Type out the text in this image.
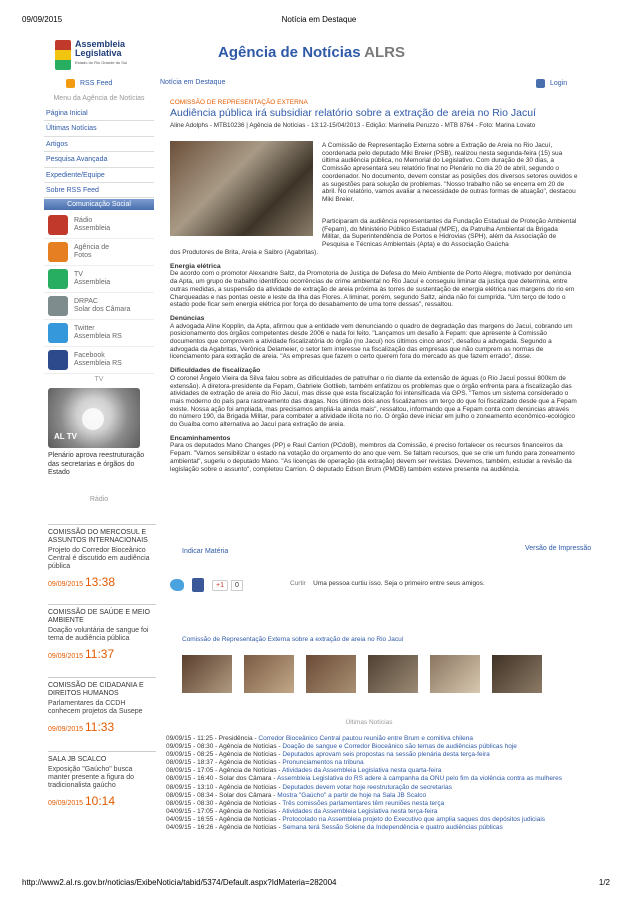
09/09/2015	Notícia em Destaque
Assembleia
Legislativa
Estado do Rio Grande do Sul
Agência de Notícias ALRS
RSS Feed	Notícia em Destaque	Login
Menu da Agência de Notícias
Página Inicial
Últimas Notícias
Artigos
Pesquisa Avançada
Expediente/Equipe
Sobre RSS Feed
Comunicação Social
Rádio
Assembleia
Agência de
Fotos
TV
Assembleia
DRPAC
Solar dos Câmara
Twitter
Assembleia RS
Facebook
Assembleia RS
TV
AL TV
Plenário aprova reestruturação das secretarias e órgãos do Estado
Rádio
COMISSÃO DO MERCOSUL E ASSUNTOS INTERNACIONAIS
Projeto do Corredor Bioceânico Central é discutido em audiência pública
09/09/2015 13:38
COMISSÃO DE SAÚDE E MEIO AMBIENTE
Doação voluntária de sangue foi tema de audiência pública
09/09/2015 11:37
COMISSÃO DE CIDADANIA E DIREITOS HUMANOS
Parlamentares da CCDH conhecem projetos da Susepe
09/09/2015 11:33
SALA JB SCALCO
Exposição "Gaúcho" busca manter presente a figura do tradicionalista gaúcho
09/09/2015 10:14
COMISSÃO DE REPRESENTAÇÃO EXTERNA
Audiência pública irá subsidiar relatório sobre a extração de areia no Rio Jacuí
Aline Adolphs - MTB10236 | Agência de Notícias - 13:12-15/04/2013 - Edição: Marinella Peruzzo - MTB 8764 - Foto: Marina Lovato
A Comissão de Representação Externa sobre a Extração de Areia no Rio Jacuí, coordenada pelo deputado Miki Breier (PSB), realizou nesta segunda-feira (15) sua última audiência pública, no Memorial do Legislativo. Com duração de 30 dias, a Comissão apresentará seu relatório final no Plenário no dia 20 de abril, segundo o coordenador. No documento, devem constar as posições dos diversos setores ouvidos e as sugestões para solução de problemas. "Nosso trabalho não se encerra em 20 de abril. No relatório, vamos avaliar a necessidade de outras formas de atuação", destacou Miki Breier.
Participaram da audiência representantes da Fundação Estadual de Proteção Ambiental (Fepam), do Ministério Público Estadual (MPE), da Patrulha Ambiental da Brigada Militar, da Superintendência de Portos e Hidrovias (SPH), além da Associação de Pesquisa e Técnicas Ambientais (Apta) e do Associação Gaúcha
dos Produtores de Brita, Areia e Saibro (Agabritas).
Energia elétrica
De acordo com o promotor Alexandre Saltz, da Promotoria de Justiça de Defesa do Meio Ambiente de Porto Alegre, motivado por denúncia da Apta, um grupo de trabalho identificou ocorrências de crime ambiental no Rio Jacuí e conseguiu liminar da justiça que determina, entre outras medidas, a suspensão da atividade de extração de areia próxima às torres de sustentação de energia elétrica nas margens do rio em Charqueadas e nas pontas oeste e leste da Ilha das Flores. A liminar, porém, segundo Saltz, ainda não foi cumprida. "Um terço de todo o estado pode ficar sem energia elétrica por força do desabamento de uma torre dessas", ressaltou.
Denúncias
A advogada Aline Kopplin, da Apta, afirmou que a entidade vem denunciando o quadro de degradação das margens do Jacuí, cobrando um posicionamento dos órgãos competentes desde 2006 e nada foi feito. "Lançamos um desafio à Fepam: que apresente à Comissão documentos que comprovem a atividade fiscalizatória do órgão (no Jacuí) nos últimos cinco anos", desafiou a advogada. Segundo a advogada da Agabritas, Verônica Delameier, o setor tem interesse na fiscalização das empresas que não cumprem as normas de licenciamento para extração de areia. "As empresas que fazem o certo querem fora do mercado as que fazem errado", disse.
Dificuldades de fiscalização
O coronel Ângelo Vieira da Silva falou sobre as dificuldades de patrulhar o rio diante da extensão de águas (o Rio Jacuí possui 800km de extensão). A diretora-presidente da Fepam, Gabriele Gottlieb, também enfatizou os problemas que o órgão enfrenta para a fiscalização das atividades de extração de areia do Rio Jacuí, mas disse que esta fiscalização foi intensificada via GPS. "Temos um sistema considerado o mais moderno do país para rastreamento das dragas. Nos últimos dois anos fiscalizamos um terço do que foi fiscalizado desde que a Fepam existe. Nossa ação foi ampliada, mas precisamos ampliá-la ainda mais", ressaltou, informando que a Fepam conta com denúncias através do número 190, da Brigada Militar, para combater a atividade ilícita no rio. O órgão deve iniciar em julho o zoneamento econômico-ecológico do Guaíba como alternativa ao Jacuí para extração de areia.
Encaminhamentos
Para os deputados Mano Changes (PP) e Raul Carrion (PCdoB), membros da Comissão, é preciso fortalecer os recursos financeiros da Fepam. "Vamos sensibilizar o estado na votação do orçamento do ano que vem. Se faltam recursos, que se crie um fundo para zoneamento ambiental", sugeriu o deputado Mano. "As licenças de operação (da extração) devem ser revistas. Devemos, também, estudar a revisão da legislação sobre o assunto", completou Carrion. O deputado Edson Brum (PMDB) também esteve presente na audiência.
Indicar Matéria	Versão de Impressão
+1	0	Curtir Uma pessoa curtiu isso. Seja o primeiro entre seus amigos.
Comissão de Representação Externa sobre a extração de areia no Rio Jacuí
Últimas Notícias
09/09/15 - 11:25 - Presidência - Corredor Bioceânico Central pautou reunião entre Brum e comitiva chilena
09/09/15 - 08:30 - Agência de Notícias - Doação de sangue e Corredor Bioceânico são temas de audiências públicas hoje
09/09/15 - 08:25 - Agência de Notícias - Deputados aprovam seis propostas na sessão plenária desta terça-feira
08/09/15 - 18:37 - Agência de Notícias - Pronunciamentos na tribuna
08/09/15 - 17:05 - Agência de Notícias - Atividades da Assembleia Legislativa nesta quarta-feira
08/09/15 - 16:40 - Solar dos Câmara - Assembleia Legislativa do RS adere à campanha da ONU pelo fim da violência contra as mulheres
08/09/15 - 13:10 - Agência de Notícias - Deputados devem votar hoje reestruturação de secretarias
08/09/15 - 08:34 - Solar dos Câmara - Mostra "Gaúcho" a partir de hoje na Sala JB Scalco
08/09/15 - 08:30 - Agência de Notícias - Três comissões parlamentares têm reuniões nesta terça
04/09/15 - 17:05 - Agência de Notícias - Atividades da Assembleia Legislativa nesta terça-feira
04/09/15 - 16:55 - Agência de Notícias - Protocolado na Assembleia projeto do Executivo que amplia saques dos depósitos judiciais
04/09/15 - 16:26 - Agência de Notícias - Semana terá Sessão Solene da Independência e quatro audiências públicas
http://www2.al.rs.gov.br/noticias/ExibeNoticia/tabid/5374/Default.aspx?IdMateria=282004	1/2
